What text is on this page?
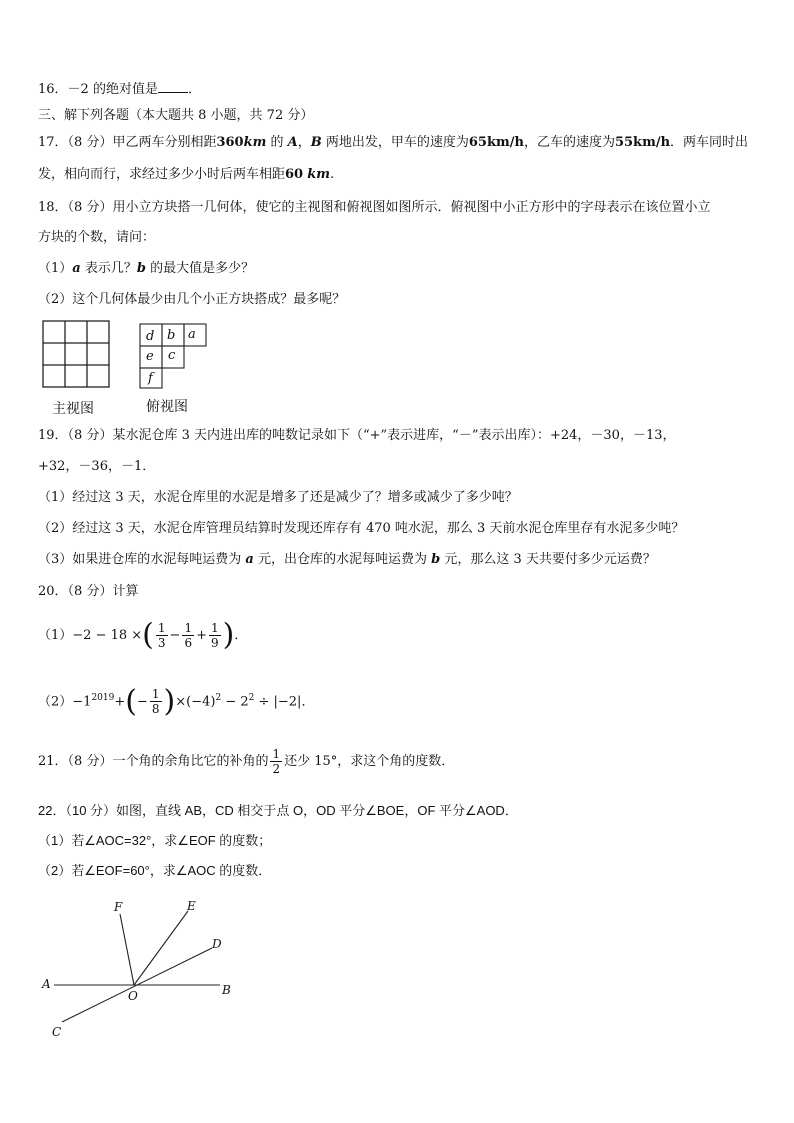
16．－2 的绝对值是 ．
三、解下列各题（本大题共 8 小题，共 72 分）
17．（8 分）甲乙两车分别相距360km 的 A，B 两地出发，甲车的速度为65km/h，乙车的速度为55km/h．两车同时出
发，相向而行，求经过多少小时后两车相距60 km.
18．（8 分）用小立方块搭一几何体，使它的主视图和俯视图如图所示．俯视图中小正方形中的字母表示在该位置小立
方块的个数，请问：
（1）a 表示几？b 的最大值是多少？
（2）这个几何体最少由几个小正方块搭成？最多呢？
主视图
d b a
e c
f
俯视图
19．（8 分）某水泥仓库 3 天内进出库的吨数记录如下（“+”表示进库，“－”表示出库）：+24，－30，－13，
+32，－36，－1．
（1）经过这 3 天，水泥仓库里的水泥是增多了还是减少了？增多或减少了多少吨？
（2）经过这 3 天，水泥仓库管理员结算时发现还库存有 470 吨水泥，那么 3 天前水泥仓库里存有水泥多少吨？
（3）如果进仓库的水泥每吨运费为 a 元，出仓库的水泥每吨运费为 b 元，那么这 3 天共要付多少元运费？
20．（8 分）计算
（1）−2 − 18 ×( $\frac{1}{3} - \frac{1}{6} + \frac{1}{9}$ )．
$(2)-1^{2019}+(- \frac{1}{8} )\times(-4)^2 - 2^2 \div |-2|$．
21．（8 分）一个角的余角比它的补角的 $\frac{1}{2}$ 还少 15°，求这个角的度数．
22．（10 分）如图，直线 AB，CD 相交于点 O，OD 平分∠BOE，OF 平分∠AOD．
（1）若∠AOC=32°，求∠EOF 的度数；
（2）若∠EOF=60°，求∠AOC 的度数．
F	E
D
A
O	B
C
